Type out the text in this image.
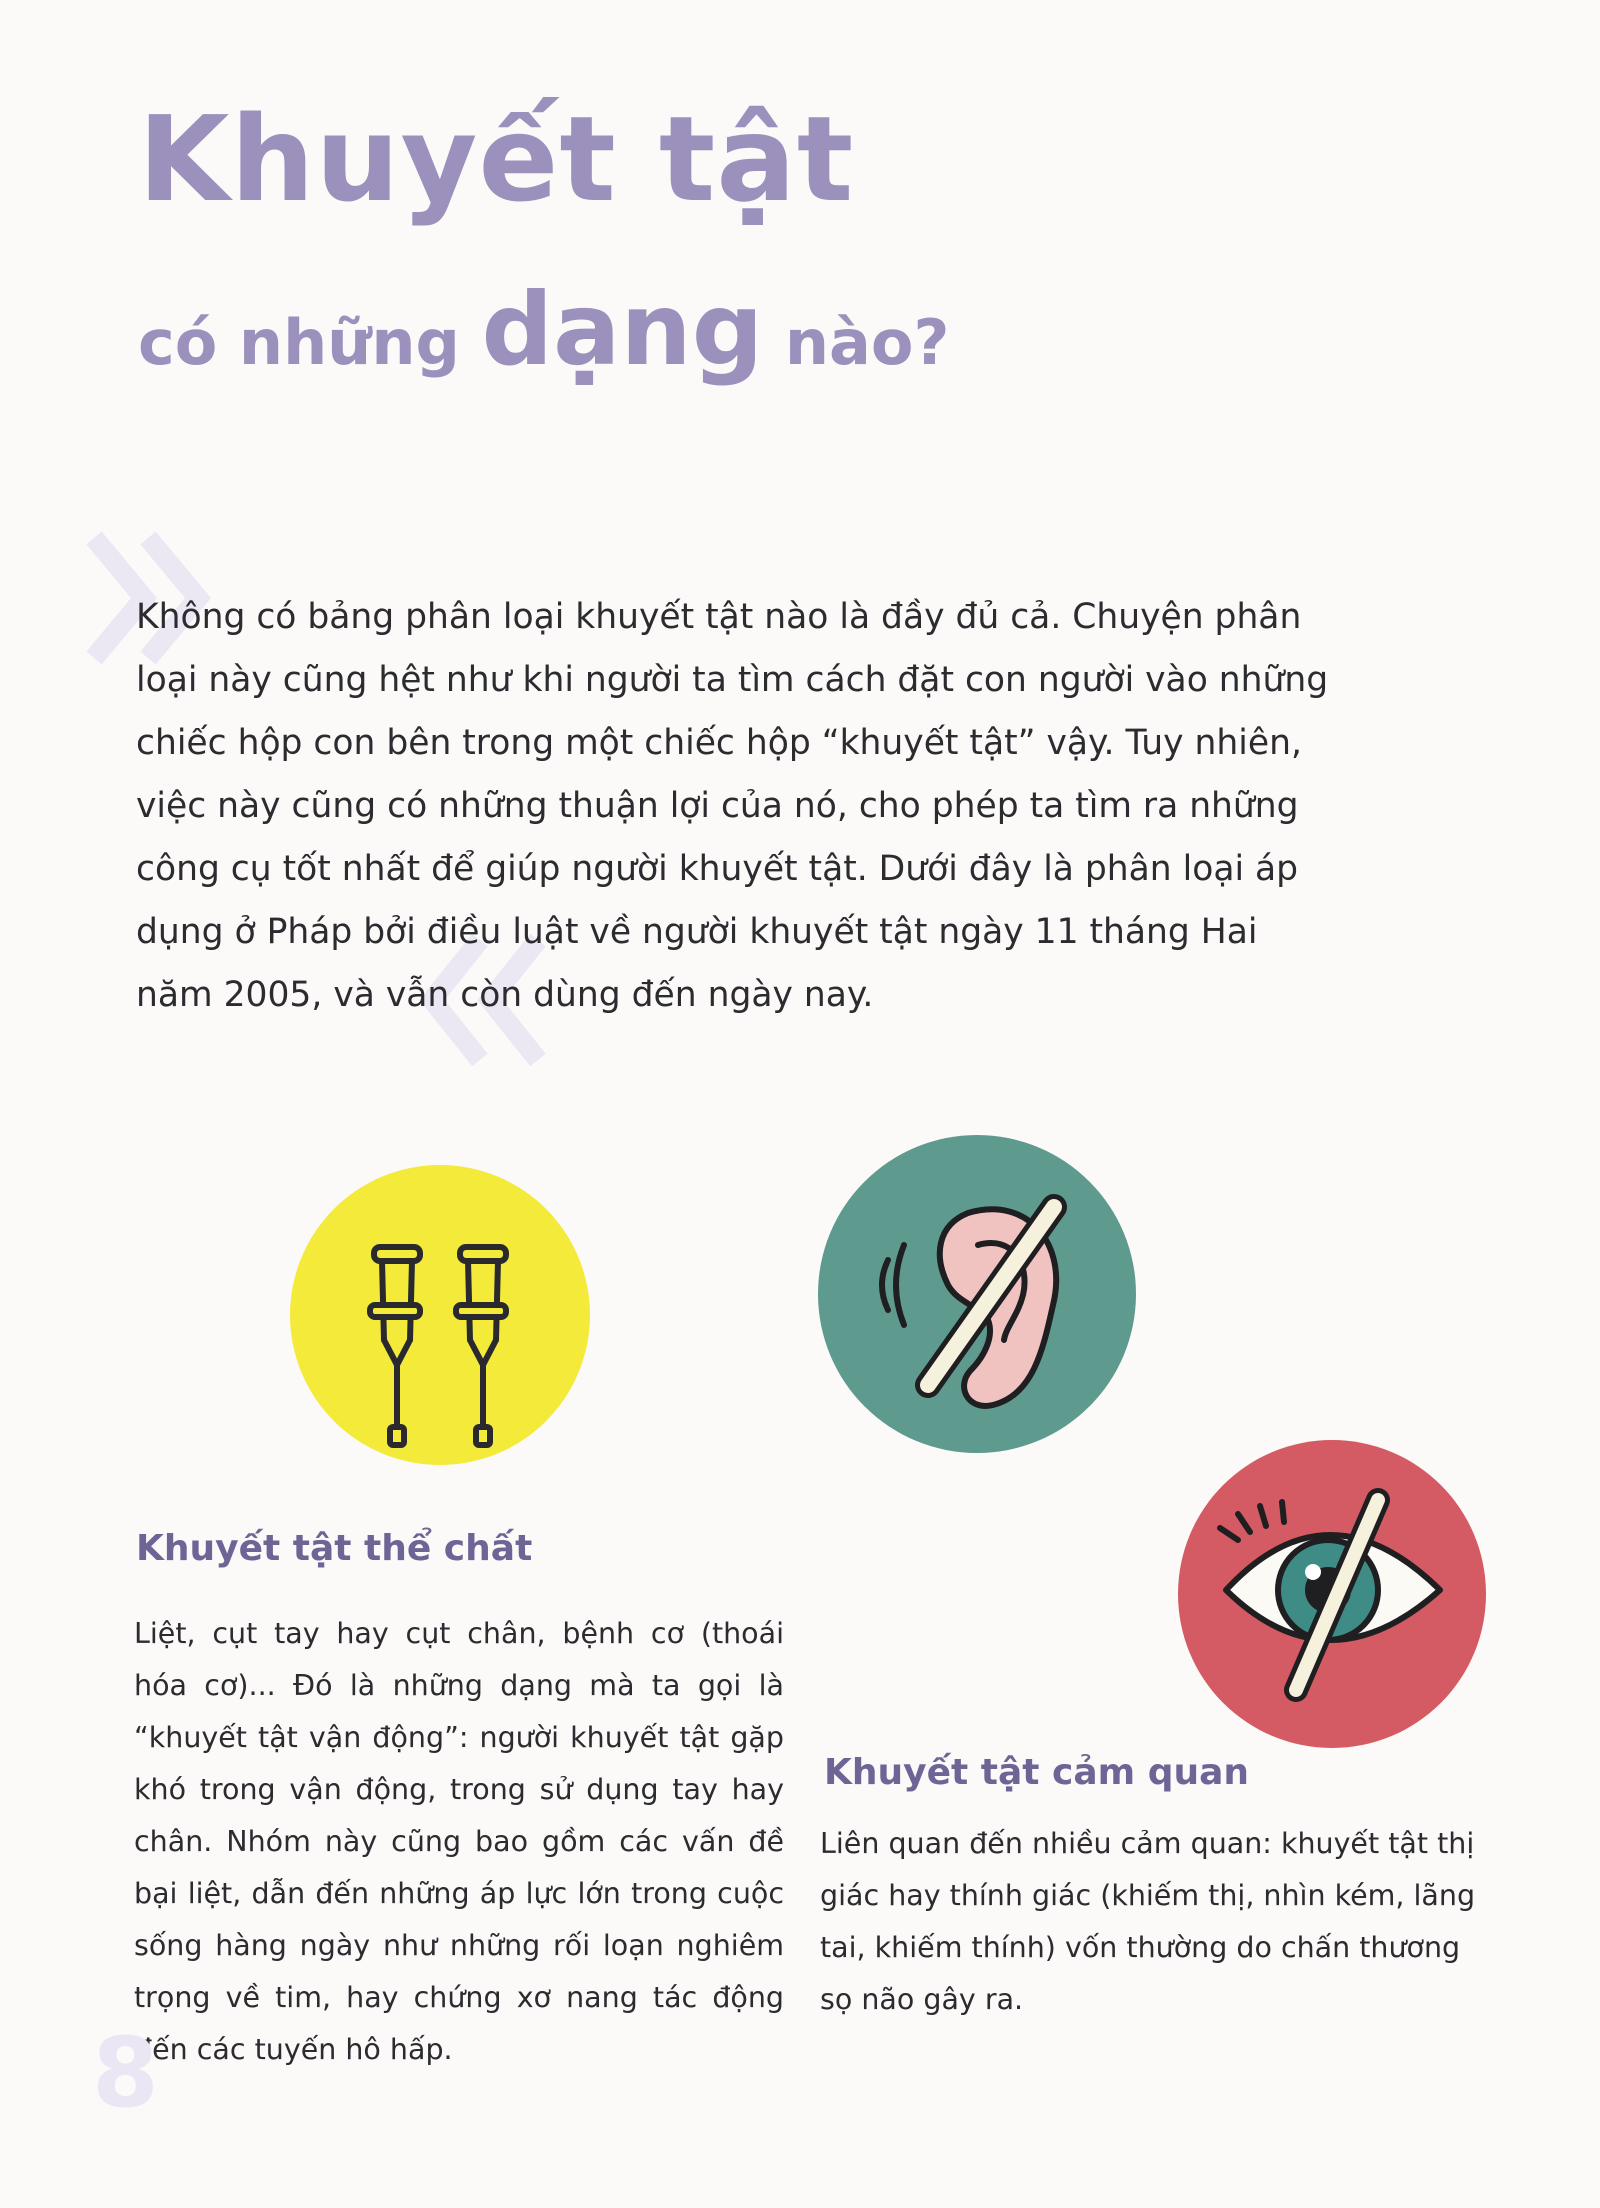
Khuyết tật
có những dạng nào?
Không có bảng phân loại khuyết tật nào là đầy đủ cả. Chuyện phân loại này cũng hệt như khi người ta tìm cách đặt con người vào những chiếc hộp con bên trong một chiếc hộp “khuyết tật” vậy. Tuy nhiên, việc này cũng có những thuận lợi của nó, cho phép ta tìm ra những công cụ tốt nhất để giúp người khuyết tật. Dưới đây là phân loại áp dụng ở Pháp bởi điều luật về người khuyết tật ngày 11 tháng Hai năm 2005, và vẫn còn dùng đến ngày nay.
Khuyết tật thể chất
Liệt, cụt tay hay cụt chân, bệnh cơ (thoái hóa cơ)... Đó là những dạng mà ta gọi là “khuyết tật vận động”: người khuyết tật gặp khó trong vận động, trong sử dụng tay hay chân. Nhóm này cũng bao gồm các vấn đề bại liệt, dẫn đến những áp lực lớn trong cuộc sống hàng ngày như những rối loạn nghiêm trọng về tim, hay chứng xơ nang tác động đến các tuyến hô hấp.
Khuyết tật cảm quan
Liên quan đến nhiều cảm quan: khuyết tật thị giác hay thính giác (khiếm thị, nhìn kém, lãng tai, khiếm thính) vốn thường do chấn thương sọ não gây ra.
8
